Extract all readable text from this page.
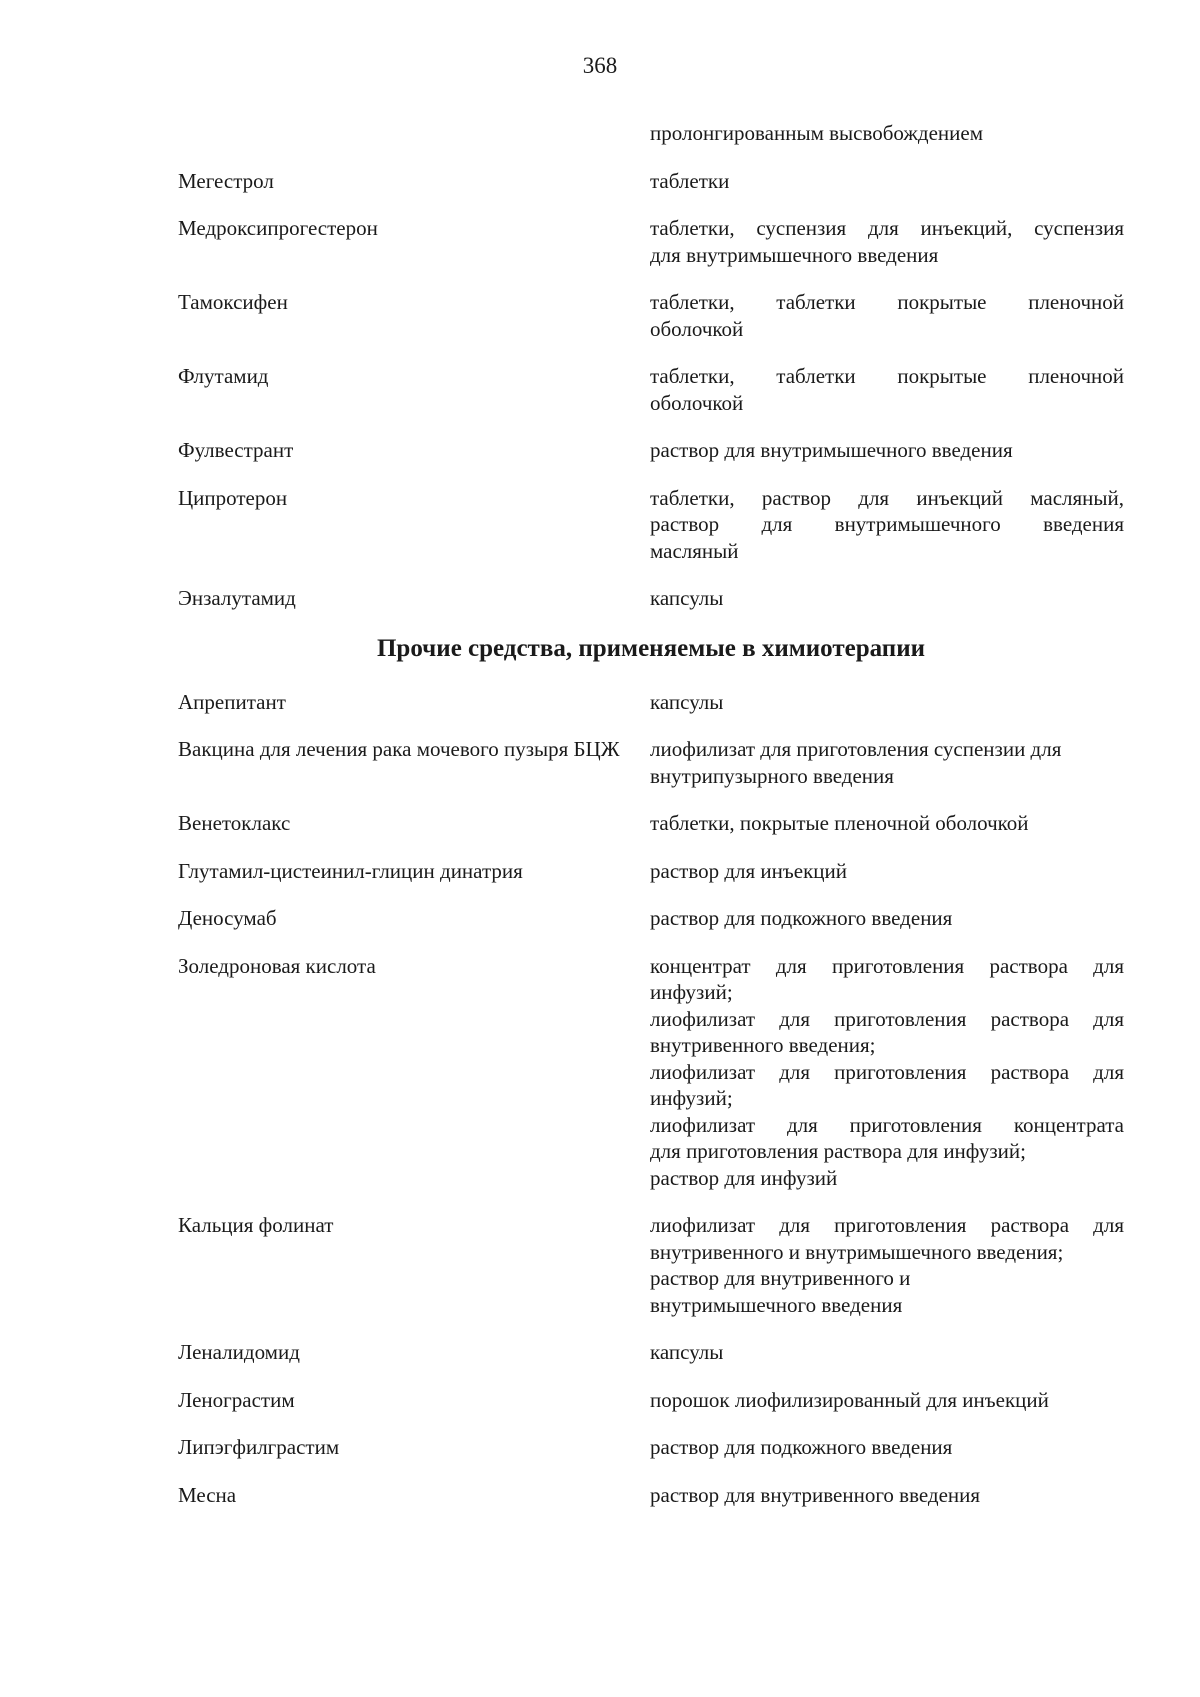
368
пролонгированным высвобождением
Мегестрол	таблетки
Медроксипрогестерон	таблетки, суспензия для инъекций, суспензия
для внутримышечного введения
Тамоксифен	таблетки, таблетки покрытые пленочной
оболочкой
Флутамид	таблетки, таблетки покрытые пленочной
оболочкой
Фулвестрант	раствор для внутримышечного введения
Ципротерон	таблетки, раствор для инъекций масляный,
раствор для внутримышечного введения
масляный
Энзалутамид	капсулы
Прочие средства, применяемые в химиотерапии
Апрепитант	капсулы
Вакцина для лечения рака мочевого пузыря БЦЖ	лиофилизат для приготовления суспензии для
внутрипузырного введения
Венетоклакс	таблетки, покрытые пленочной оболочкой
Глутамил-цистеинил-глицин динатрия	раствор для инъекций
Деносумаб	раствор для подкожного введения
Золедроновая кислота	концентрат для приготовления раствора для
инфузий;
лиофилизат для приготовления раствора для
внутривенного введения;
лиофилизат для приготовления раствора для
инфузий;
лиофилизат для приготовления концентрата
для приготовления раствора для инфузий;
раствор для инфузий
Кальция фолинат	лиофилизат для приготовления раствора для
внутривенного и внутримышечного введения;
раствор для внутривенного и
внутримышечного введения
Леналидомид	капсулы
Ленограстим	порошок лиофилизированный для инъекций
Липэгфилграстим	раствор для подкожного введения
Месна	раствор для внутривенного введения
